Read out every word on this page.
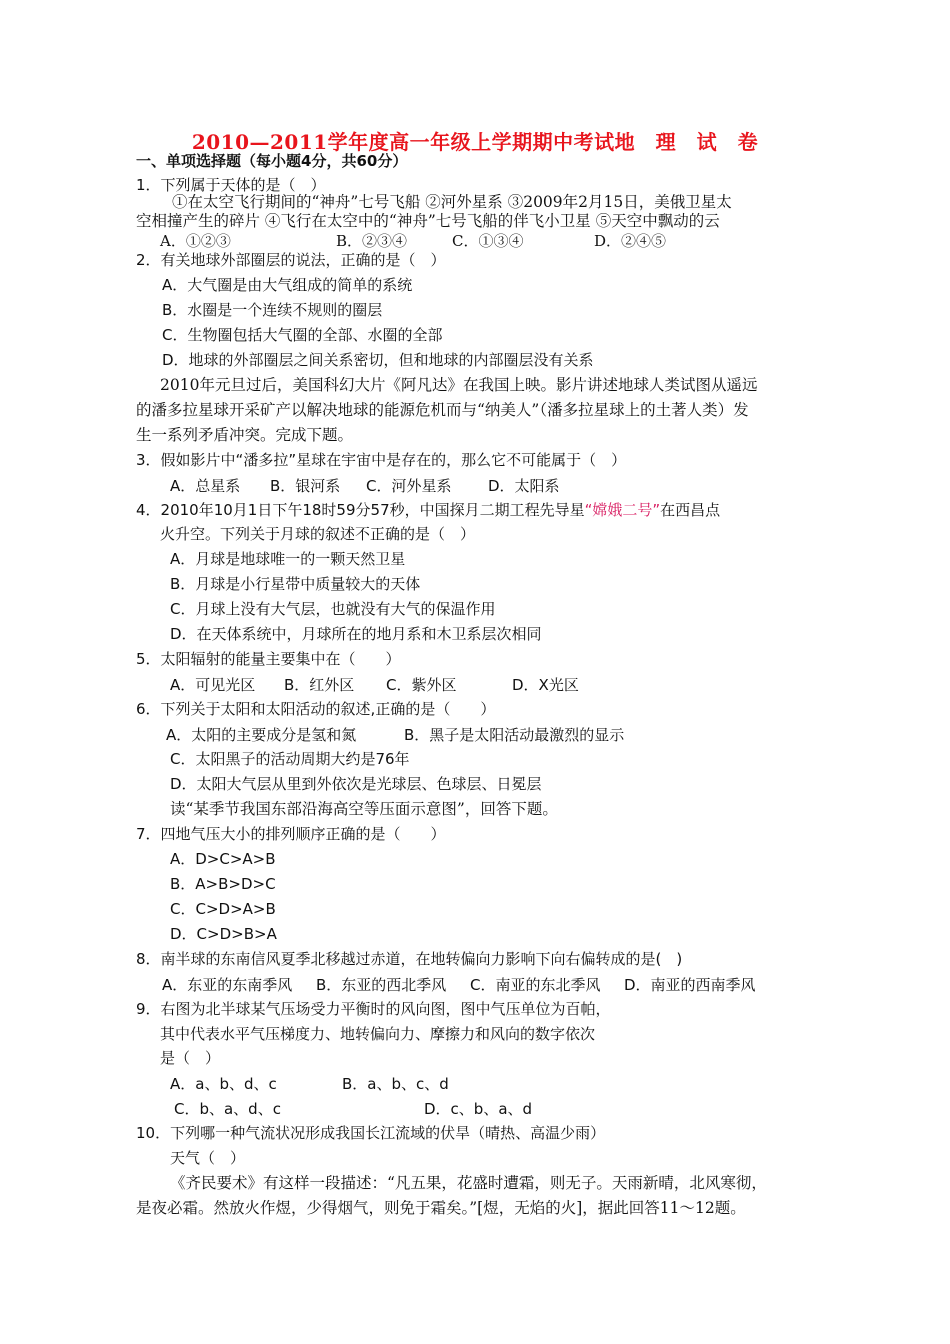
2010—2011学年度高一年级上学期期中考试地　理　试　卷
一、单项选择题（每小题4分，共60分）
1．下列属于天体的是（　）
①在太空飞行期间的“神舟”七号飞船 ②河外星系 ③2009年2月15日，美俄卫星太
空相撞产生的碎片 ④飞行在太空中的“神舟”七号飞船的伴飞小卫星 ⑤天空中飘动的云
A．①②③	B．②③④	C．①③④	D．②④⑤
2．有关地球外部圈层的说法，正确的是（　）
A．大气圈是由大气组成的简单的系统
B．水圈是一个连续不规则的圈层
C．生物圈包括大气圈的全部、水圈的全部
D．地球的外部圈层之间关系密切，但和地球的内部圈层没有关系
2010年元旦过后，美国科幻大片《阿凡达》在我国上映。影片讲述地球人类试图从遥远
的潘多拉星球开采矿产以解决地球的能源危机而与“纳美人”（潘多拉星球上的土著人类）发
生一系列矛盾冲突。完成下题。
3．假如影片中“潘多拉”星球在宇宙中是存在的，那么它不可能属于（　）
A．总星系 B．银河系 C．河外星系 D．太阳系
4．2010年10月1日下午18时59分57秒，中国探月二期工程先导星“嫦娥二号”在西昌点
火升空。下列关于月球的叙述不正确的是（　）
A．月球是地球唯一的一颗天然卫星
B．月球是小行星带中质量较大的天体
C．月球上没有大气层，也就没有大气的保温作用
D．在天体系统中，月球所在的地月系和木卫系层次相同
5．太阳辐射的能量主要集中在（　　）
A．可见光区 B．红外区 C．紫外区	D．X光区
6．下列关于太阳和太阳活动的叙述,正确的是（　　）
A．太阳的主要成分是氢和氮	B．黑子是太阳活动最激烈的显示
C．太阳黑子的活动周期大约是76年
D．太阳大气层从里到外依次是光球层、色球层、日冕层
读“某季节我国东部沿海高空等压面示意图”，回答下题。
7．四地气压大小的排列顺序正确的是（　　）
A．D>C>A>B
B．A>B>D>C
C．C>D>A>B
D．C>D>B>A
8．南半球的东南信风夏季北移越过赤道，在地转偏向力影响下向右偏转成的是(　)
A．东亚的东南季风 B．东亚的西北季风 C．南亚的东北季风 D．南亚的西南季风
9．右图为北半球某气压场受力平衡时的风向图，图中气压单位为百帕，
其中代表水平气压梯度力、地转偏向力、摩擦力和风向的数字依次
是（　）
A．a、b、d、c	B．a、b、c、d
C．b、a、d、c	D．c、b、a、d
10．下列哪一种气流状况形成我国长江流域的伏旱（晴热、高温少雨）
天气（　）
《齐民要术》有这样一段描述：“凡五果，花盛时遭霜，则无子。天雨新晴，北风寒彻，
是夜必霜。然放火作煜，少得烟气，则免于霜矣。”[煜，无焰的火]，据此回答11～12题。
